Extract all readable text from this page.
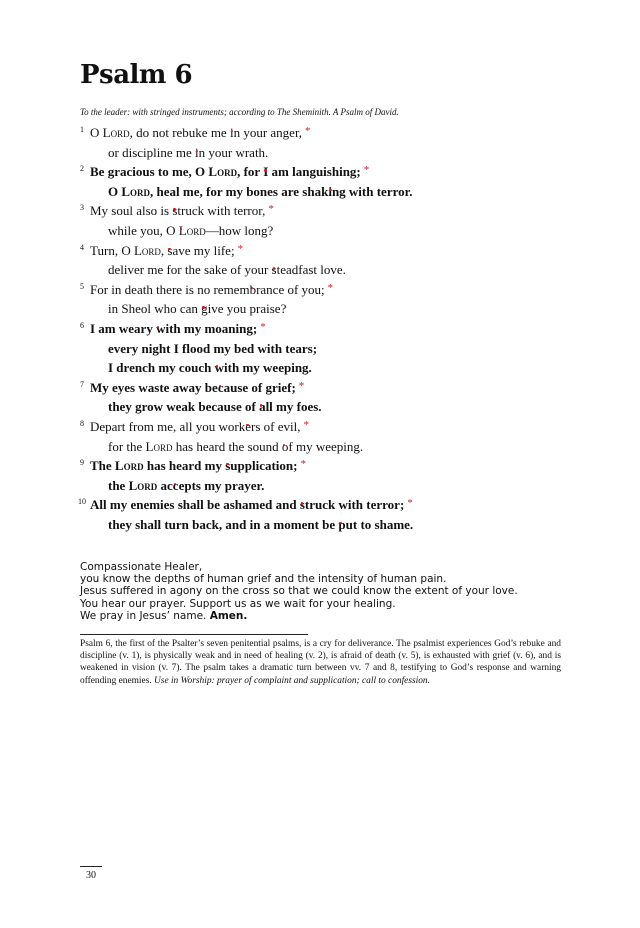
Psalm 6
To the leader: with stringed instruments; according to The Sheminith. A Psalm of David.
1 O Lord, do not rebuke me in your anger, *
or discipline me in your wrath.
2 Be gracious to me, O Lord, for I am languishing; *
O Lord, heal me, for my bones are shaking with terror.
3 My soul also is struck with terror, *
while you, O Lord—how long?
4 Turn, O Lord, save my life; *
deliver me for the sake of your steadfast love.
5 For in death there is no remembrance of you; *
in Sheol who can give you praise?
6 I am weary with my moaning; *
every night I flood my bed with tears;
I drench my couch with my weeping.
7 My eyes waste away because of grief; *
they grow weak because of all my foes.
8 Depart from me, all you workers of evil, *
for the Lord has heard the sound of my weeping.
9 The Lord has heard my supplication; *
the Lord accepts my prayer.
10 All my enemies shall be ashamed and struck with terror; *
they shall turn back, and in a moment be put to shame.
Compassionate Healer,
you know the depths of human grief and the intensity of human pain.
Jesus suffered in agony on the cross so that we could know the extent of your love.
You hear our prayer. Support us as we wait for your healing.
We pray in Jesus’ name. Amen.
Psalm 6, the first of the Psalter’s seven penitential psalms, is a cry for deliverance. The psalmist experiences God’s rebuke and discipline (v. 1), is physically weak and in need of healing (v. 2), is afraid of death (v. 5), is exhausted with grief (v. 6), and is weakened in vision (v. 7). The psalm takes a dramatic turn between vv. 7 and 8, testifying to God’s response and warning offending enemies. Use in Worship: prayer of complaint and supplication; call to confession.
30
